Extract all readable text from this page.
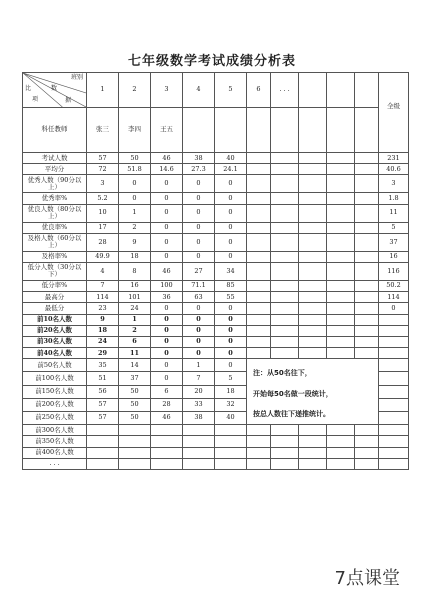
七年级数学考试成绩分析表
班别
数
比
项 据	1	2	3	4	5	6	. . .				全级
科任教师	张三	李四	王五								
考试人数	57	50	46	38	40						231
平均分	72	51.8	14.6	27.3	24.1						40.6
优秀人数（90分以上）	3	0	0	0	0						3
优秀率%	5.2	0	0	0	0						1.8
优良人数（80分以上）	10	1	0	0	0						11
优良率%	17	2	0	0	0						5
及格人数（60分以上）	28	9	0	0	0						37
及格率%	49.9	18	0	0	0						16
低分人数（30分以下）	4	8	46	27	34						116
低分率%	7	16	100	71.1	85						50.2
最高分	114	101	36	63	55						114
最低分	23	24	0	0	0						0
前10名人数	9	1	0	0	0						
前20名人数	18	2	0	0	0						
前30名人数	24	6	0	0	0						
前40名人数	29	11	0	0	0						
前50名人数	35	14	0	1	0	注：从50名往下，
开始每50名做一段统计，
按总人数往下递推统计。					

前100名人数	51	37	0	7	5						
前150名人数	56	50	6	20	18						
前200名人数	57	50	28	33	32						
前250名人数	57	50	46	38	40						
前300名人数											
前350名人数											
前400名人数											
. . .											
7点课堂
